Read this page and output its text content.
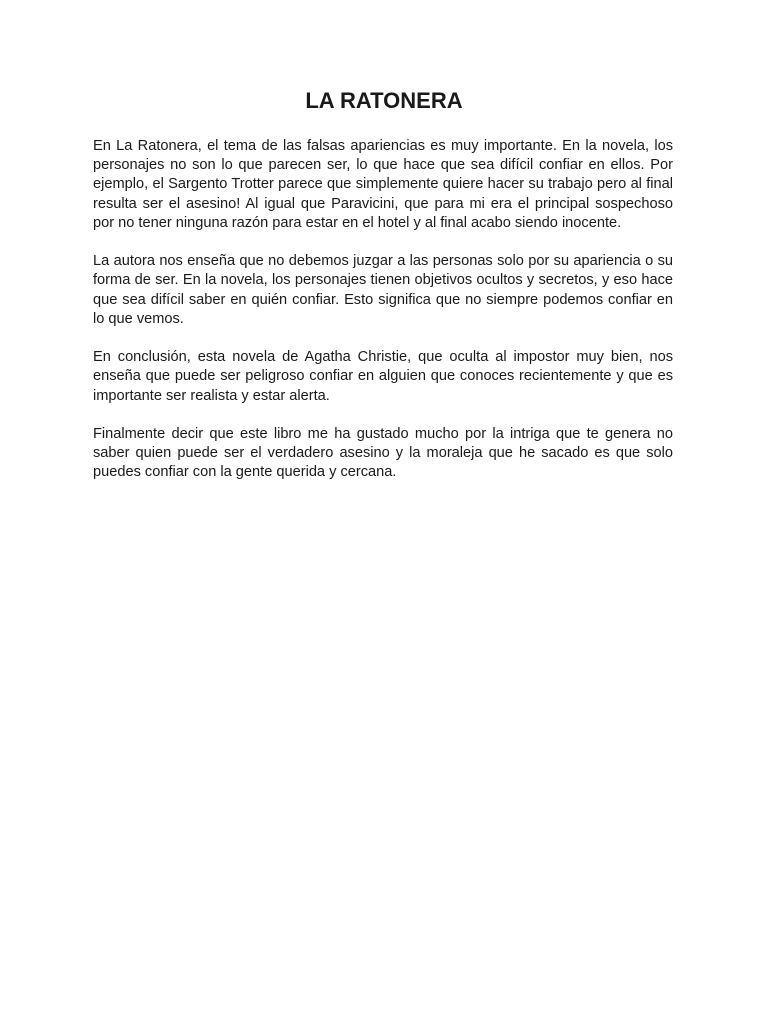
LA RATONERA

En La Ratonera, el tema de las falsas apariencias es muy importante. En la novela, los personajes no son lo que parecen ser, lo que hace que sea difícil confiar en ellos. Por ejemplo, el Sargento Trotter parece que simplemente quiere hacer su trabajo pero al final resulta ser el asesino! Al igual que Paravicini, que para mi era el principal sospechoso por no tener ninguna razón para estar en el hotel y al final acabo siendo inocente.

La autora nos enseña que no debemos juzgar a las personas solo por su apariencia o su forma de ser. En la novela, los personajes tienen objetivos ocultos y secretos, y eso hace que sea difícil saber en quién confiar. Esto significa que no siempre podemos confiar en lo que vemos.

En conclusión, esta novela de Agatha Christie, que oculta al impostor muy bien, nos enseña que puede ser peligroso confiar en alguien que conoces recientemente y que es importante ser realista y estar alerta.

Finalmente decir que este libro me ha gustado mucho por la intriga que te genera no saber quien puede ser el verdadero asesino y la moraleja que he sacado es que solo puedes confiar con la gente querida y cercana.
